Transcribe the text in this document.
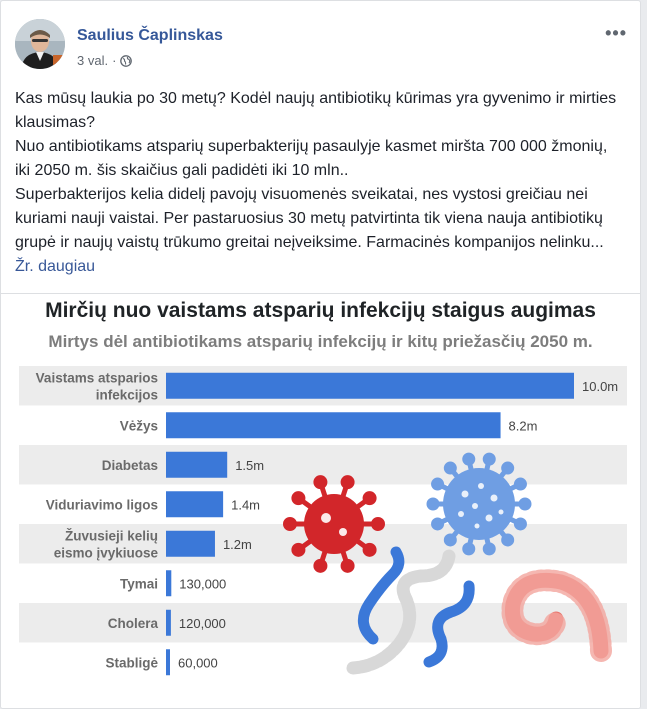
Saulius Čaplinskas
3 val. ·
•••

Kas mūsų laukia po 30 metų? Kodėl naujų antibiotikų kūrimas yra gyvenimo ir mirties klausimas?

Nuo antibiotikams atsparių superbakterijų pasaulyje kasmet miršta 700 000 žmonių, iki 2050 m. šis skaičius gali padidėti iki 10 mln..

Superbakterijos kelia didelį pavojų visuomenės sveikatai, nes vystosi greičiau nei kuriami nauji vaistai. Per pastaruosius 30 metų patvirtinta tik viena nauja antibiotikų grupė ir naujų vaistų trūkumo greitai neįveiksime. Farmacinės kompanijos nelinku... Žr. daugiau

Mirčių nuo vaistams atsparių infekcijų staigus augimas
Mirtys dėl antibiotikams atsparių infekcijų ir kitų priežasčių 2050 m.
Vaistams atsparios
infekcijos
10.0m
Vėžys	8.2m
Diabetas	1.5m
Viduriavimo ligos	1.4m
Žuvusieji kelių
eismo įvykiuose
1.2m
Tymai 130,000
Cholera 120,000
Stabligė 60,000
